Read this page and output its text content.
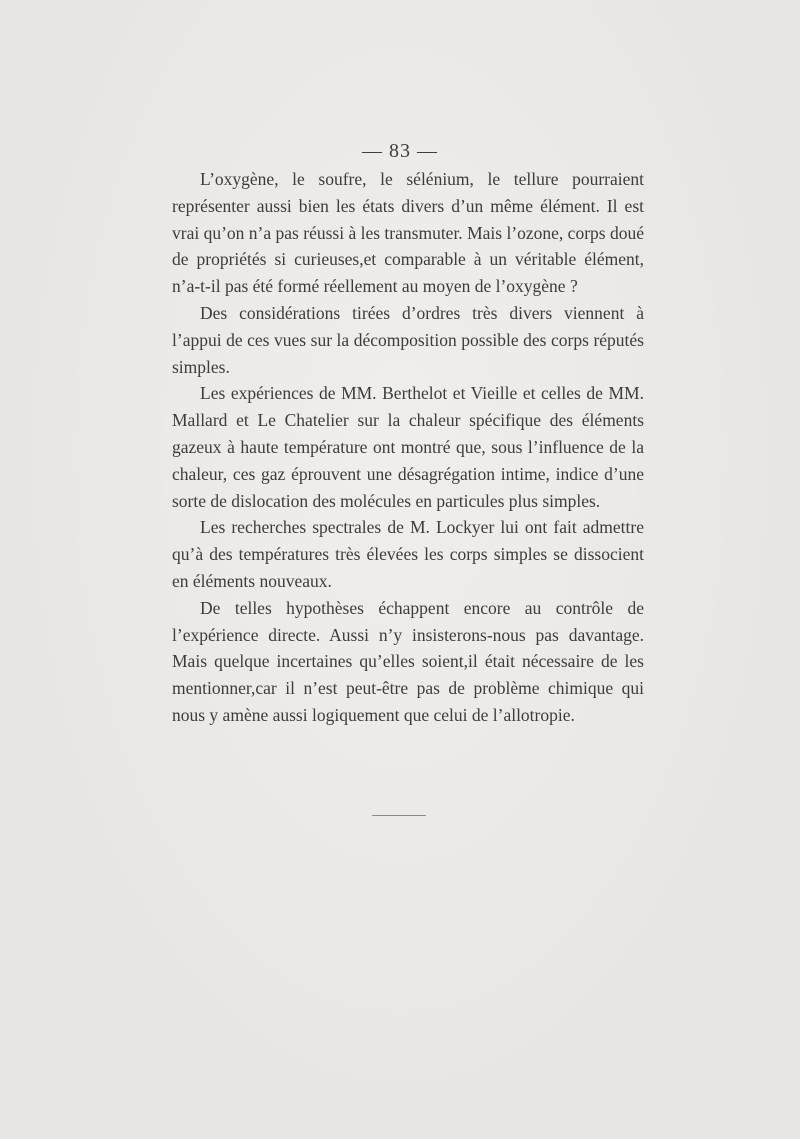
— 83 —

L’oxygène, le soufre, le sélénium, le tellure pourraient représenter aussi bien les états divers d’un même élément. Il est vrai qu’on n’a pas réussi à les transmuter. Mais l’ozone, corps doué de propriétés si curieuses,et comparable à un véritable élément, n’a-t-il pas été formé réellement au moyen de l’oxygène ?

Des considérations tirées d’ordres très divers viennent à l’appui de ces vues sur la décomposition possible des corps réputés simples.

Les expériences de MM. Berthelot et Vieille et celles de MM. Mallard et Le Chatelier sur la chaleur spécifique des éléments gazeux à haute température ont montré que, sous l’influence de la chaleur, ces gaz éprouvent une désagrégation intime, indice d’une sorte de dislocation des molécules en particules plus simples.

Les recherches spectrales de M. Lockyer lui ont fait admettre qu’à des températures très élevées les corps simples se dissocient en éléments nouveaux.

De telles hypothèses échappent encore au contrôle de l’expérience directe. Aussi n’y insisterons-nous pas davantage. Mais quelque incertaines qu’elles soient,il était nécessaire de les mentionner,car il n’est peut-être pas de problème chimique qui nous y amène aussi logiquement que celui de l’allotropie.
